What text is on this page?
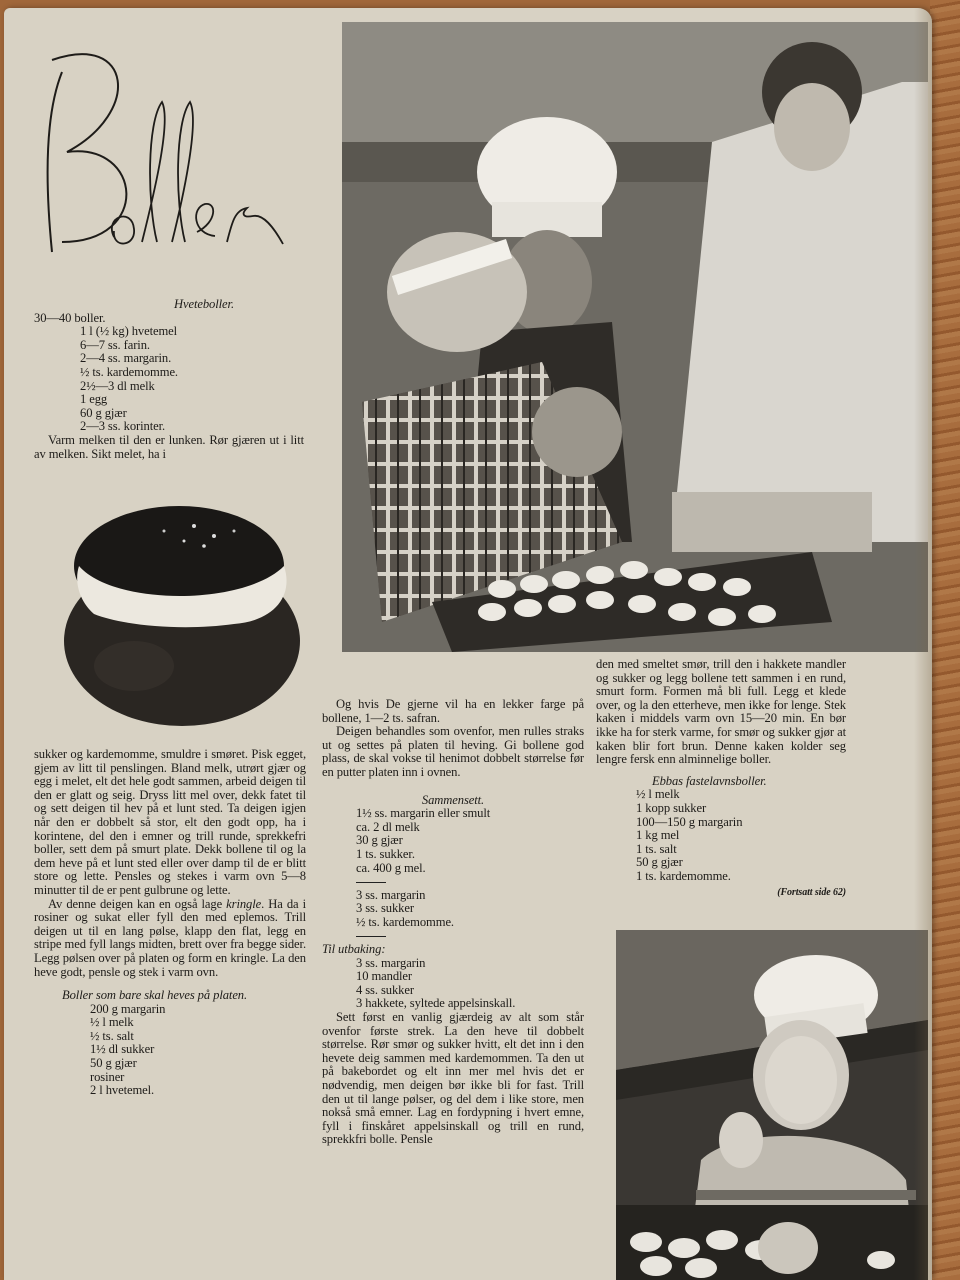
Hveteboller.
30—40 boller.
1 l (½ kg) hvetemel
6—7 ss. farin.
2—4 ss. margarin.
½ ts. kardemomme.
2½—3 dl melk
1 egg
60 g gjær
2—3 ss. korinter.

Varm melken til den er lunken. Rør gjæren ut i litt av melken. Sikt melet, ha i

sukker og kardemomme, smuldre i smøret. Pisk egget, gjem av litt til penslingen. Bland melk, utrørt gjær og egg i melet, elt det hele godt sammen, arbeid deigen til den er glatt og seig. Dryss litt mel over, dekk fatet til og sett deigen til hev på et lunt sted. Ta deigen igjen når den er dobbelt så stor, elt den godt opp, ha i korintene, del den i emner og trill runde, sprekkefri boller, sett dem på smurt plate. Dekk bollene til og la dem heve på et lunt sted eller over damp til de er blitt store og lette. Pensles og stekes i varm ovn 5—8 minutter til de er pent gulbrune og lette.

Av denne deigen kan en også lage kringle. Ha da i rosiner og sukat eller fyll den med eplemos. Trill deigen ut til en lang pølse, klapp den flat, legg en stripe med fyll langs midten, brett over fra begge sider. Legg pølsen over på platen og form en kringle. La den heve godt, pensle og stek i varm ovn.

Boller som bare skal heves på platen.
200 g margarin
½ l melk
½ ts. salt
1½ dl sukker
50 g gjær
rosiner
2 l hvetemel.

Og hvis De gjerne vil ha en lekker farge på bollene, 1—2 ts. safran.

Deigen behandles som ovenfor, men rulles straks ut og settes på platen til heving. Gi bollene god plass, de skal vokse til henimot dobbelt størrelse før en putter platen inn i ovnen.

Sammensett.
1½ ss. margarin eller smult
ca. 2 dl melk
30 g gjær
1 ts. sukker.
ca. 400 g mel.
3 ss. margarin
3 ss. sukker
½ ts. kardemomme.
Til utbaking:
3 ss. margarin
10 mandler
4 ss. sukker
3 hakkete, syltede appelsinskall.

Sett først en vanlig gjærdeig av alt som står ovenfor første strek. La den heve til dobbelt størrelse. Rør smør og sukker hvitt, elt det inn i den hevete deig sammen med kardemommen. Ta den ut på bakebordet og elt inn mer mel hvis det er nødvendig, men deigen bør ikke bli for fast. Trill den ut til lange pølser, og del dem i like store, men nokså små emner. Lag en fordypning i hvert emne, fyll i finskåret appelsinskall og trill en rund, sprekkfri bolle. Pensle

den med smeltet smør, trill den i hakkete mandler og sukker og legg bollene tett sammen i en rund, smurt form. Formen må bli full. Legg et klede over, og la den etterheve, men ikke for lenge. Stek kaken i middels varm ovn 15—20 min. En bør ikke ha for sterk varme, for smør og sukker gjør at kaken blir fort brun. Denne kaken kolder seg lengre fersk enn alminnelige boller.

Ebbas fastelavnsboller.
½ l melk
1 kopp sukker
100—150 g margarin
1 kg mel
1 ts. salt
50 g gjær
1 ts. kardemomme.
(Fortsatt side 62)
